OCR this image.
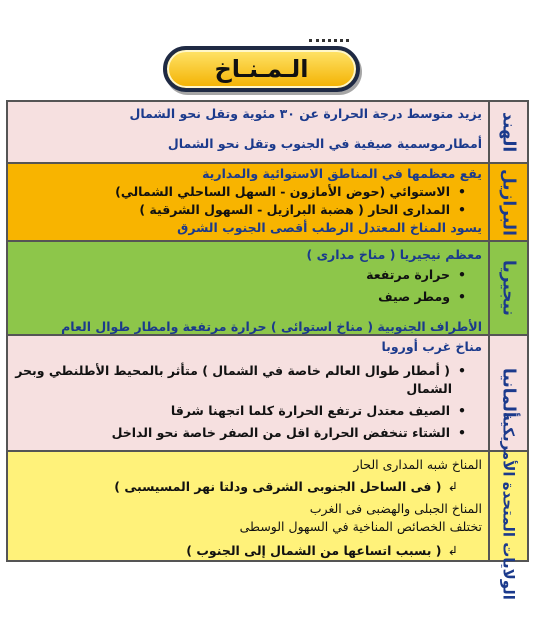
الـمـنـاخ
الهند
يزيد متوسط درجة الحرارة عن ٣٠ مئوية وتقل نحو الشمال
أمطارموسمية صيفية في الجنوب وتقل نحو الشمال
البرازيل
يقع معظمها في المناطق الاستوائية والمدارية
• الاستوائي (حوض الأمازون - السهل الساحلي الشمالي)
• المدارى الحار ( هضبة البرازيل - السهول الشرقية )
يسود المناخ المعتدل الرطب أقصى الجنوب الشرق
نيجيريا
معظم نيجيريا ( مناخ مدارى )
• حرارة مرتفعة
• ومطر صيف
الأطراف الجنوبية ( مناخ استوائى ) حرارة مرتفعة وامطار طوال العام
ألمانيا
مناخ غرب أوروبا
• ( أمطار طوال العالم خاصة في الشمال ) متأثر بالمحيط الأطلنطي وبحر
الشمال
• الصيف معتدل ترتفع الحرارة كلما اتجهنا شرقا
• الشتاء تنخفض الحرارة اقل من الصفر خاصة نحو الداخل	الولايات المتحدة الأمريكية
المناخ شبه المدارى الحار
↲ ( فى الساحل الجنوبى الشرقى ودلتا نهر المسيسبى )
المناخ الجبلى والهضبى فى الغرب
تختلف الخصائص المناخية في السهول الوسطى
↲ ( بسبب اتساعها من الشمال إلى الجنوب )
